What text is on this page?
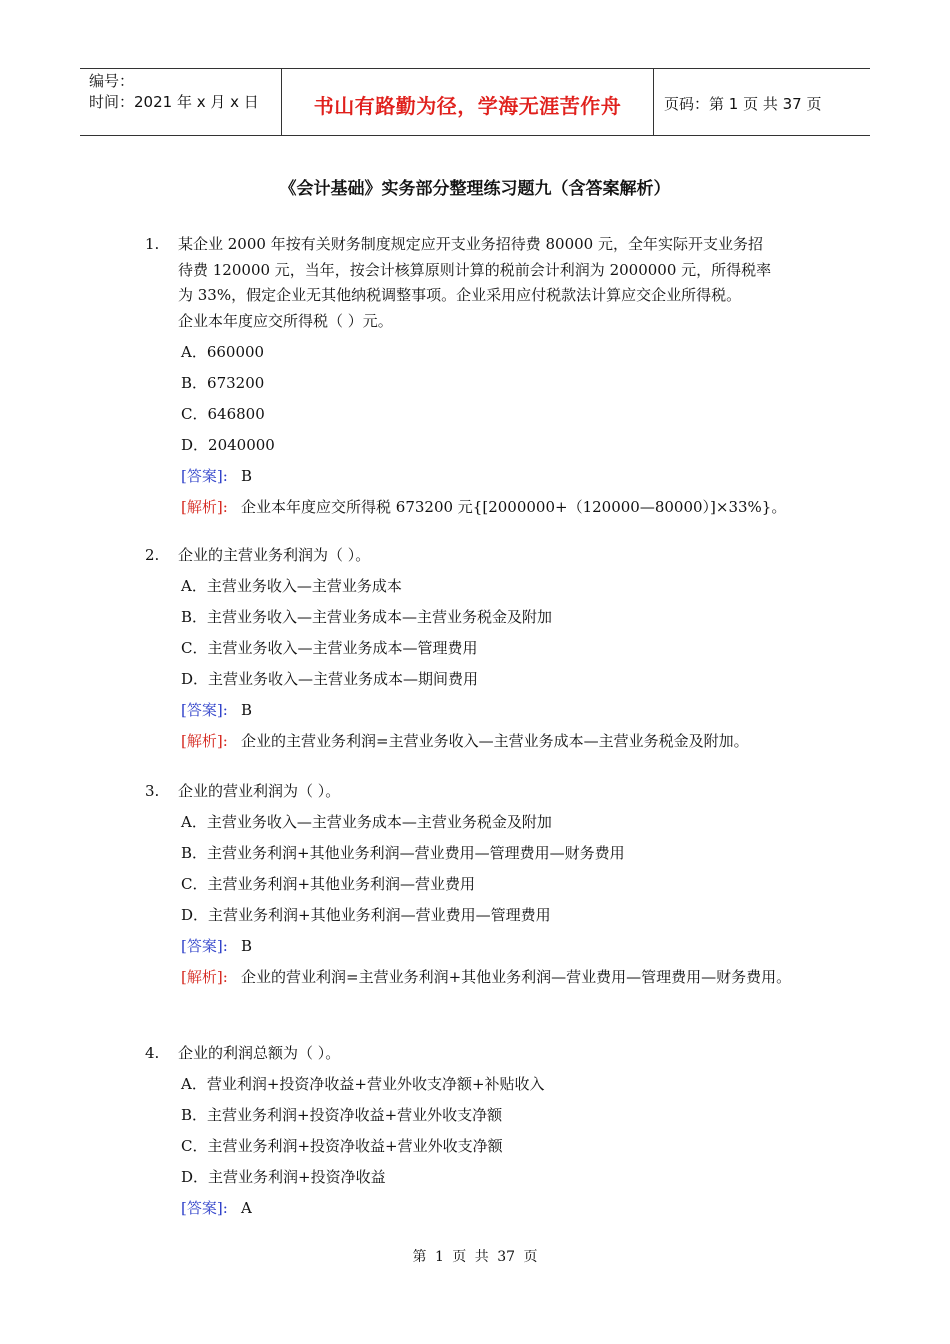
编号：
时间：2021 年 x 月 x 日	书山有路勤为径，学海无涯苦作舟	页码：第 1 页 共 37 页
《会计基础》实务部分整理练习题九（含答案解析）
1. 某企业 2000 年按有关财务制度规定应开支业务招待费 80000 元，全年实际开支业务招
待费 120000 元，当年，按会计核算原则计算的税前会计利润为 2000000 元，所得税率
为 33%，假定企业无其他纳税调整事项。企业采用应付税款法计算应交企业所得税。
企业本年度应交所得税（ ）元。
A．660000
B．673200
C．646800
D．2040000
[答案]: B
[解析]: 企业本年度应交所得税 673200 元{[2000000+（120000—80000）]×33%}。
2. 企业的主营业务利润为（ ）。
A．主营业务收入—主营业务成本
B．主营业务收入—主营业务成本—主营业务税金及附加
C．主营业务收入—主营业务成本—管理费用
D．主营业务收入—主营业务成本—期间费用
[答案]: B
[解析]: 企业的主营业务利润=主营业务收入—主营业务成本—主营业务税金及附加。
3. 企业的营业利润为（ ）。
A．主营业务收入—主营业务成本—主营业务税金及附加
B．主营业务利润+其他业务利润—营业费用—管理费用—财务费用
C．主营业务利润+其他业务利润—营业费用
D．主营业务利润+其他业务利润—营业费用—管理费用
[答案]: B
[解析]: 企业的营业利润=主营业务利润+其他业务利润—营业费用—管理费用—财务费用。
4. 企业的利润总额为（ ）。
A．营业利润+投资净收益+营业外收支净额+补贴收入
B．主营业务利润+投资净收益+营业外收支净额
C．主营业务利润+投资净收益+营业外收支净额
D．主营业务利润+投资净收益
[答案]: A
第 1 页 共 37 页
